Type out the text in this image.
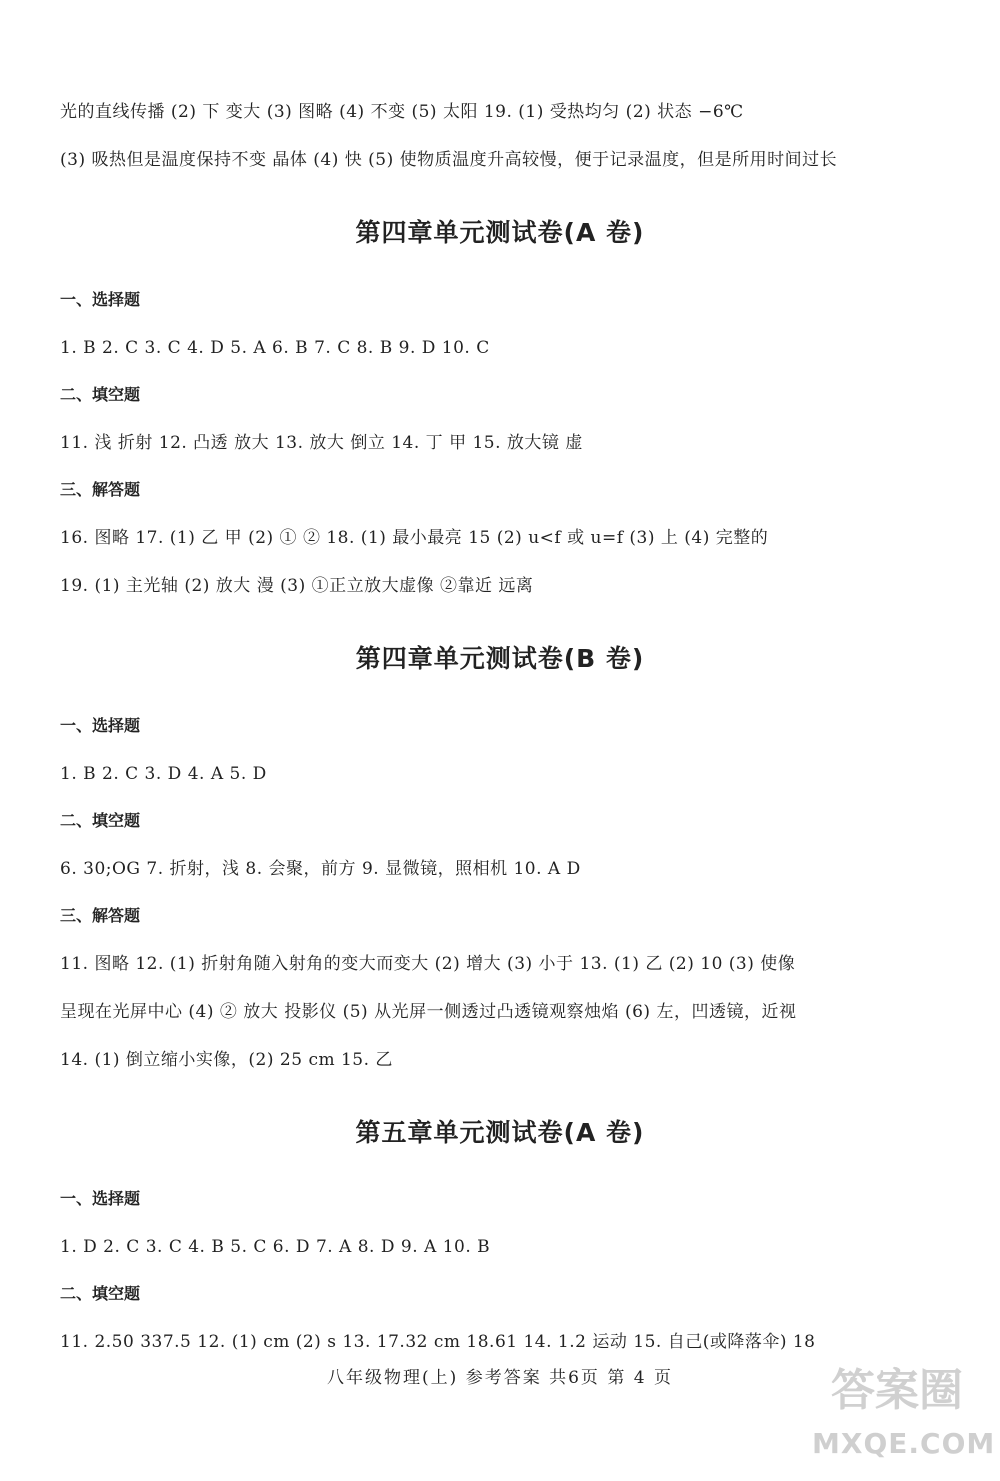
光的直线传播 (2) 下 变大 (3) 图略 (4) 不变 (5) 太阳 19. (1) 受热均匀 (2) 状态 −6℃
(3) 吸热但是温度保持不变 晶体 (4) 快 (5) 使物质温度升高较慢，便于记录温度，但是所用时间过长
第四章单元测试卷(A 卷)
一、选择题
1. B 2. C 3. C 4. D 5. A 6. B 7. C 8. B 9. D 10. C
二、填空题
11. 浅 折射 12. 凸透 放大 13. 放大 倒立 14. 丁 甲 15. 放大镜 虚
三、解答题
16. 图略 17. (1) 乙 甲 (2) ① ② 18. (1) 最小最亮 15 (2) u<f 或 u=f (3) 上 (4) 完整的
19. (1) 主光轴 (2) 放大 漫 (3) ①正立放大虚像 ②靠近 远离
第四章单元测试卷(B 卷)
一、选择题
1. B 2. C 3. D 4. A 5. D
二、填空题
6. 30;OG 7. 折射，浅 8. 会聚，前方 9. 显微镜，照相机 10. A D
三、解答题
11. 图略 12. (1) 折射角随入射角的变大而变大 (2) 增大 (3) 小于 13. (1) 乙 (2) 10 (3) 使像
呈现在光屏中心 (4) ② 放大 投影仪 (5) 从光屏一侧透过凸透镜观察烛焰 (6) 左，凹透镜，近视
14. (1) 倒立缩小实像，(2) 25 cm 15. 乙
第五章单元测试卷(A 卷)
一、选择题
1. D 2. C 3. C 4. B 5. C 6. D 7. A 8. D 9. A 10. B
二、填空题
11. 2.50 337.5 12. (1) cm (2) s 13. 17.32 cm 18.61 14. 1.2 运动 15. 自己(或降落伞) 18
八年级物理(上) 参考答案 共6页 第 4 页	答案圈
MXQE.COM
